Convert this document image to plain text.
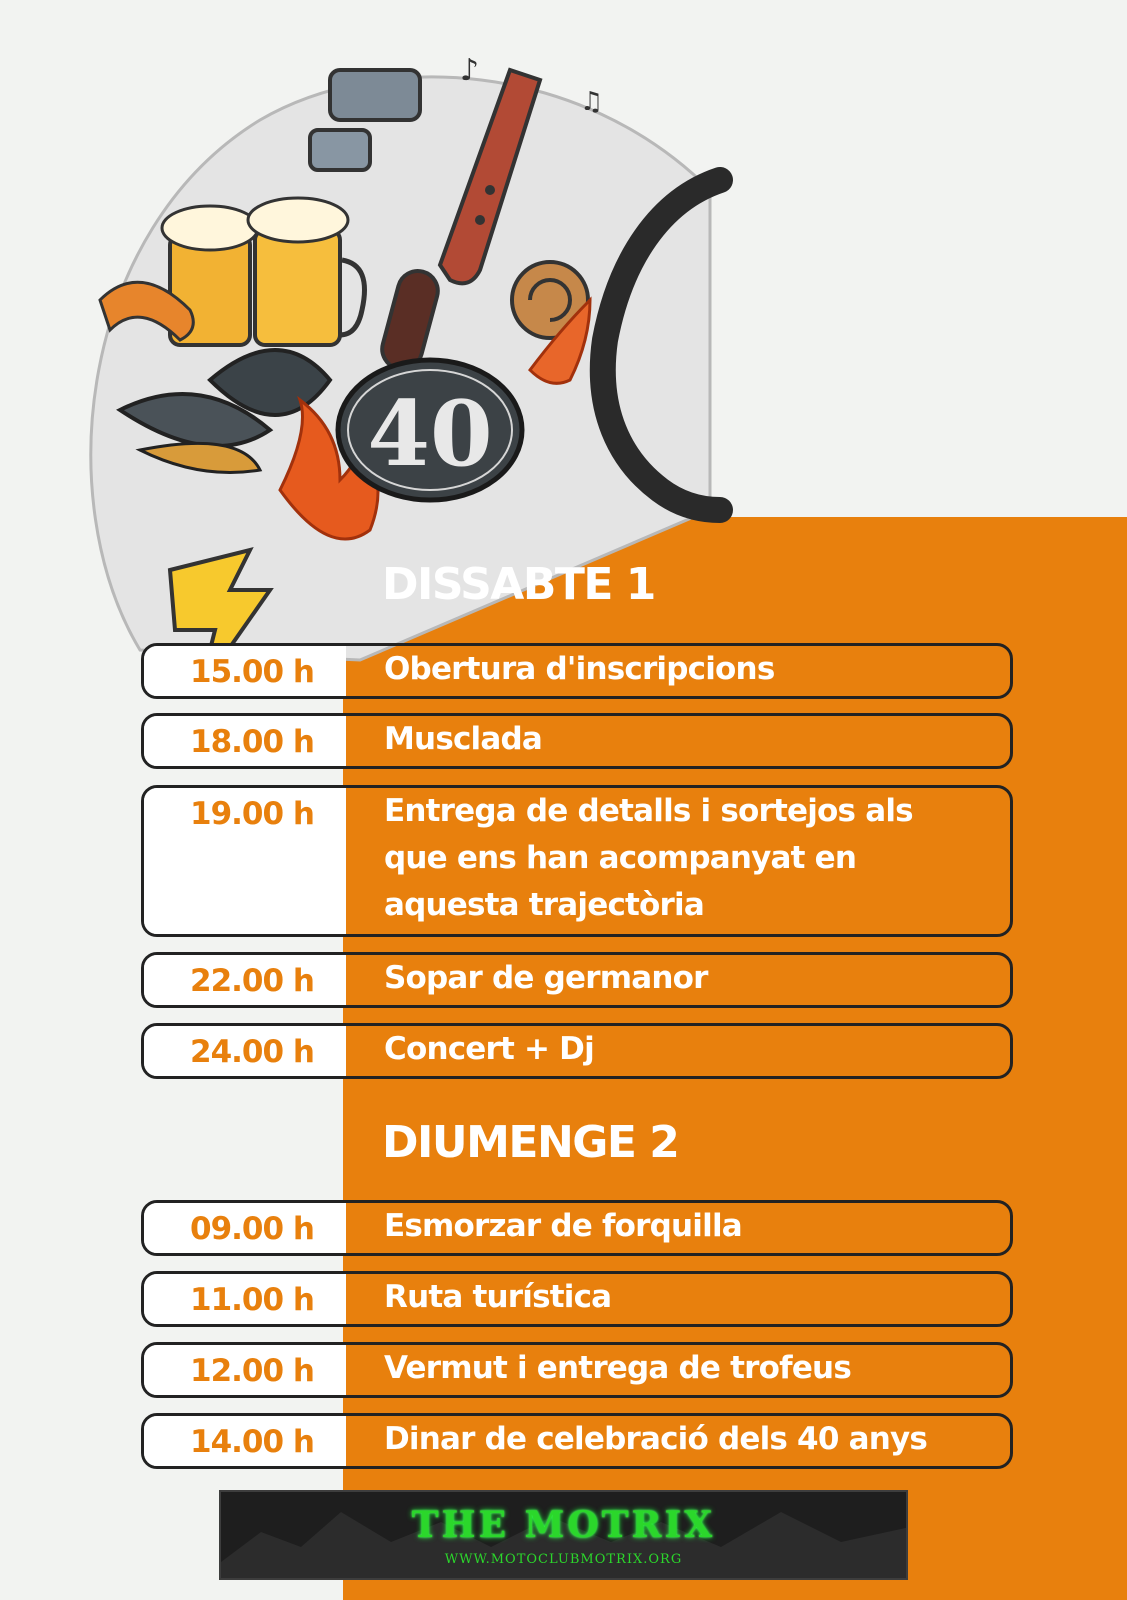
40
♪
♫
DISSABTE 1
15.00 h Obertura d'inscripcions
18.00 h Musclada
19.00 h Entrega de detalls i sortejos als que ens han acompanyat en aquesta trajectòria
22.00 h Sopar de germanor
24.00 h Concert + Dj
DIUMENGE 2
09.00 h Esmorzar de forquilla
11.00 h Ruta turística
12.00 h Vermut i entrega de trofeus
14.00 h Dinar de celebració dels 40 anys
THE MOTRIX
WWW.MOTOCLUBMOTRIX.ORG
